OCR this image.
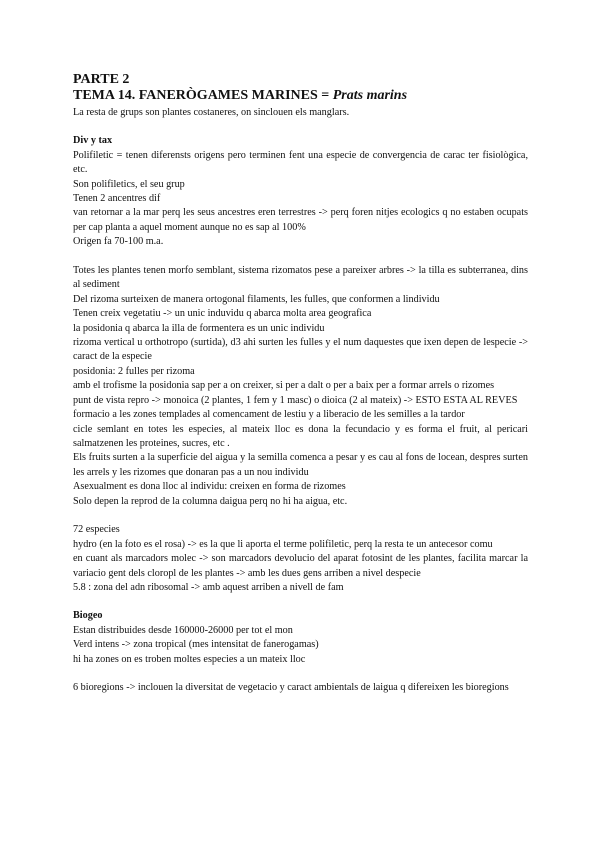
PARTE 2
TEMA 14. FANERÒGAMES MARINES = Prats marins

La resta de grups son plantes costaneres, on sinclouen els manglars.

Div y tax

Polifiletic = tenen diferensts origens pero terminen fent una especie de convergencia de carac ter fisiològica, etc.

Son polifiletics, el seu grup

Tenen 2 ancentres dif

van retornar a la mar perq les seus ancestres eren terrestres -> perq foren nitjes ecologics q no estaben ocupats per cap planta a aquel moment aunque no es sap al 100%

Origen fa 70-100 m.a.

Totes les plantes tenen morfo semblant, sistema rizomatos pese a pareixer arbres -> la tilla es subterranea, dins al sediment

Del rizoma surteixen de manera ortogonal filaments, les fulles, que conformen a lindividu

Tenen creix vegetatiu -> un unic induvidu q abarca molta area geografica

la posidonia q abarca la illa de formentera es un unic individu

rizoma vertical u orthotropo (surtida), d3 ahi surten les fulles y el num daquestes que ixen depen de lespecie -> caract de la especie

posidonia: 2 fulles per rizoma

amb el trofisme la posidonia sap per a on creixer, si per a dalt o per a baix per a formar arrels o rizomes

punt de vista repro -> monoica (2 plantes, 1 fem y 1 masc) o dioica (2 al mateix) -> ESTO ESTA AL REVES

formacio a les zones templades al comencament de lestiu y a liberacio de les semilles a la tardor

cicle semlant en totes les especies, al mateix lloc es dona la fecundacio y es forma el fruit, al pericari salmatzenen les proteines, sucres, etc .

Els fruits surten a la superficie del aigua y la semilla comenca a pesar y es cau al fons de locean, despres surten les arrels y les rizomes que donaran pas a un nou individu

Asexualment es dona lloc al individu: creixen en forma de rizomes

Solo depen la reprod de la columna daigua perq no hi ha aigua, etc.

72 especies

hydro (en la foto es el rosa) -> es la que li aporta el terme polifiletic, perq la resta te un antecesor comu

en cuant als marcadors molec -> son marcadors devolucio del aparat fotosint de les plantes, facilita marcar la variacio gent dels cloropl de les plantes -> amb les dues gens arriben a nivel despecie

5.8 : zona del adn ribosomal -> amb aquest arriben a nivell de fam

Biogeo

Estan distribuides desde 160000-26000 per tot el mon

Verd intens -> zona tropical (mes intensitat de fanerogamas)

hi ha zones on es troben moltes especies a un mateix lloc

6 bioregions -> inclouen la diversitat de vegetacio y caract ambientals de laigua q difereixen les bioregions
